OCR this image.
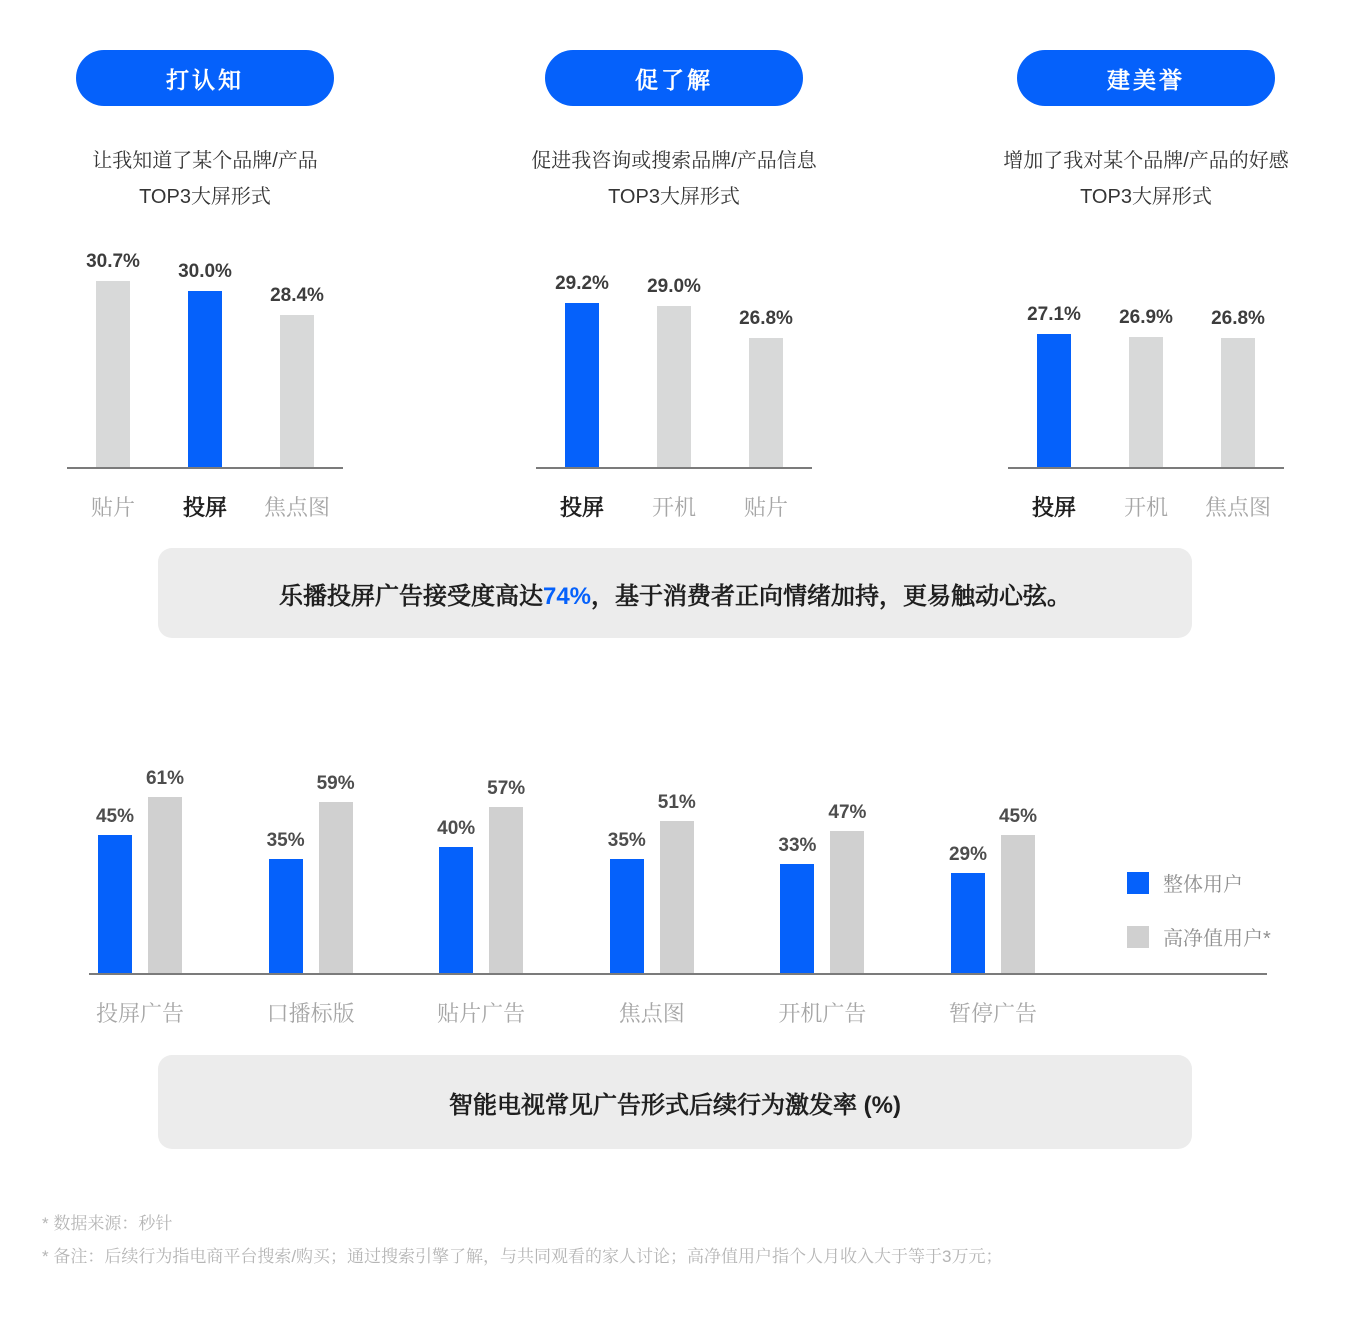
打认知
让我知道了某个品牌/产品
TOP3大屏形式
30.7% 30.0%
28.4%
贴片 投屏 焦点图
促了解
促进我咨询或搜索品牌/产品信息
TOP3大屏形式
29.2% 29.0%
26.8%
投屏 开机 贴片
建美誉
增加了我对某个品牌/产品的好感
TOP3大屏形式
27.1% 26.9% 26.8%
投屏 开机 焦点图
乐播投屏广告接受度高达74%，基于消费者正向情绪加持，更易触动心弦。
整体用户
高净值用户*
45%
61%
投屏广告
35%
59%
口播标版
40%
57%
贴片广告
35%
51%
焦点图
33%
47%
开机广告
29%
45%
暂停广告
智能电视常见广告形式后续行为激发率 (%)
* 数据来源：秒针
* 备注：后续行为指电商平台搜索/购买；通过搜索引擎了解，与共同观看的家人讨论；高净值用户指个人月收入大于等于3万元；
